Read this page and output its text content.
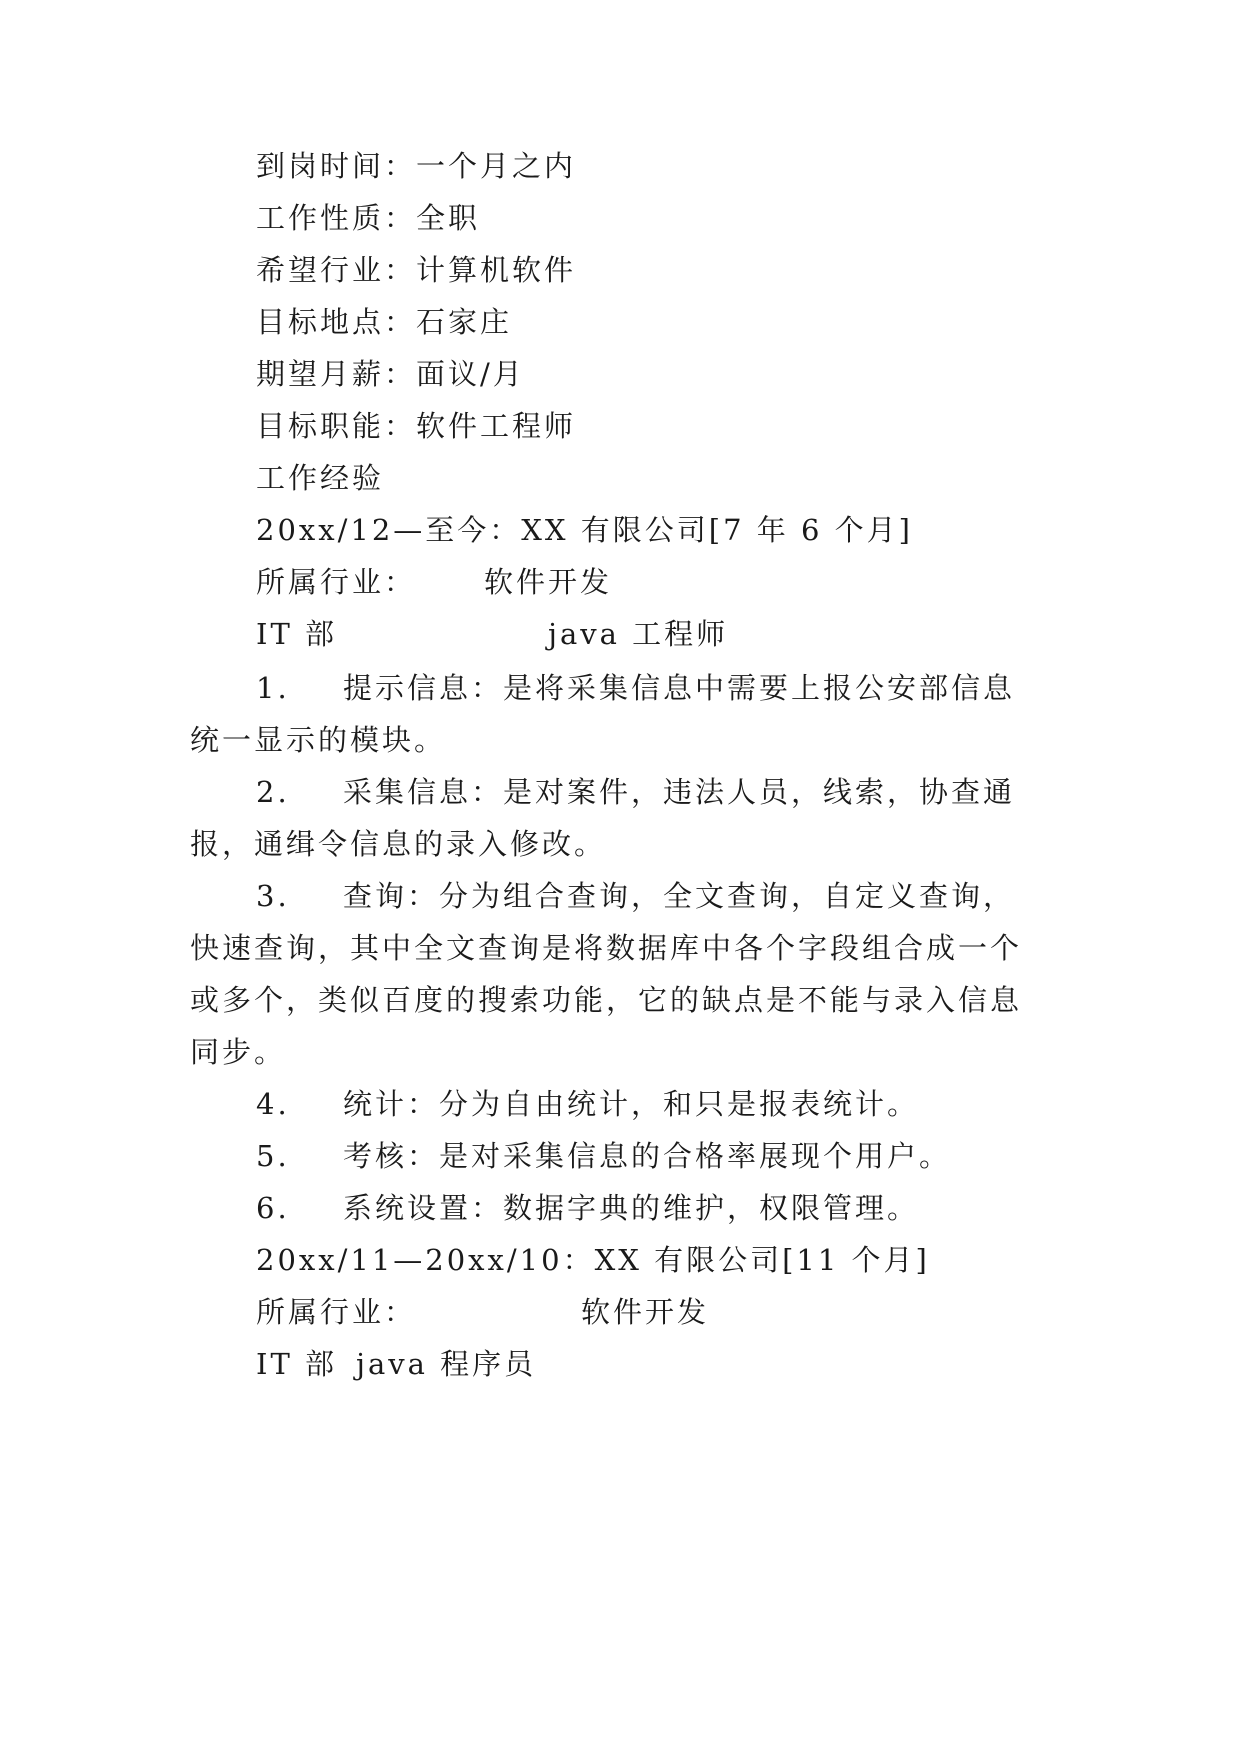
到岗时间：一个月之内

工作性质：全职

希望行业：计算机软件

目标地点：石家庄

期望月薪：面议/月

目标职能：软件工程师

工作经验

20xx/12—至今：XX 有限公司[7 年 6 个月]

所属行业： 软件开发

IT 部	java 工程师

1. 提示信息：是将采集信息中需要上报公安部信息

统一显示的模块。

2. 采集信息：是对案件，违法人员，线索，协查通

报，通缉令信息的录入修改。

3. 查询：分为组合查询，全文查询，自定义查询，

快速查询，其中全文查询是将数据库中各个字段组合成一个

或多个，类似百度的搜索功能，它的缺点是不能与录入信息

同步。

4. 统计：分为自由统计，和只是报表统计。

5. 考核：是对采集信息的合格率展现个用户。

6. 系统设置：数据字典的维护，权限管理。

20xx/11—20xx/10：XX 有限公司[11 个月]

所属行业：	软件开发

IT 部 java 程序员
